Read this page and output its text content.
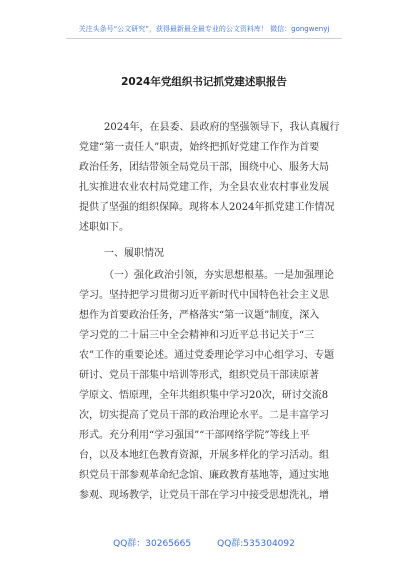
关注头条号“公文研究”，获得最新最全最专业的公文资料库！ 微信：gongwenyj
2024年党组织书记抓党建述职报告
2024年，在县委、县政府的坚强领导下，我认真履行
党建“第一责任人”职责，始终把抓好党建工作作为首要
政治任务，团结带领全局党员干部，围绕中心、服务大局
扎实推进农业农村局党建工作，为全县农业农村事业发展
提供了坚强的组织保障。现将本人2024年抓党建工作情况
述职如下。
一、履职情况
（一）强化政治引领，夯实思想根基。一是加强理论
学习。坚持把学习贯彻习近平新时代中国特色社会主义思
想作为首要政治任务，严格落实“第一议题”制度，深入
学习党的二十届三中全会精神和习近平总书记关于“三
农”工作的重要论述。通过党委理论学习中心组学习、专题
研讨、党员干部集中培训等形式，组织党员干部读原著
学原文、悟原理，全年共组织集中学习20次，研讨交流8
次，切实提高了党员干部的政治理论水平。二是丰富学习
形式。充分利用“学习强国”“干部网络学院”等线上平
台，以及本地红色教育资源，开展多样化的学习活动。组
织党员干部参观革命纪念馆、廉政教育基地等，通过实地
参观、现场教学，让党员干部在学习中接受思想洗礼，增
QQ群：30265665	QQ群:535304092
